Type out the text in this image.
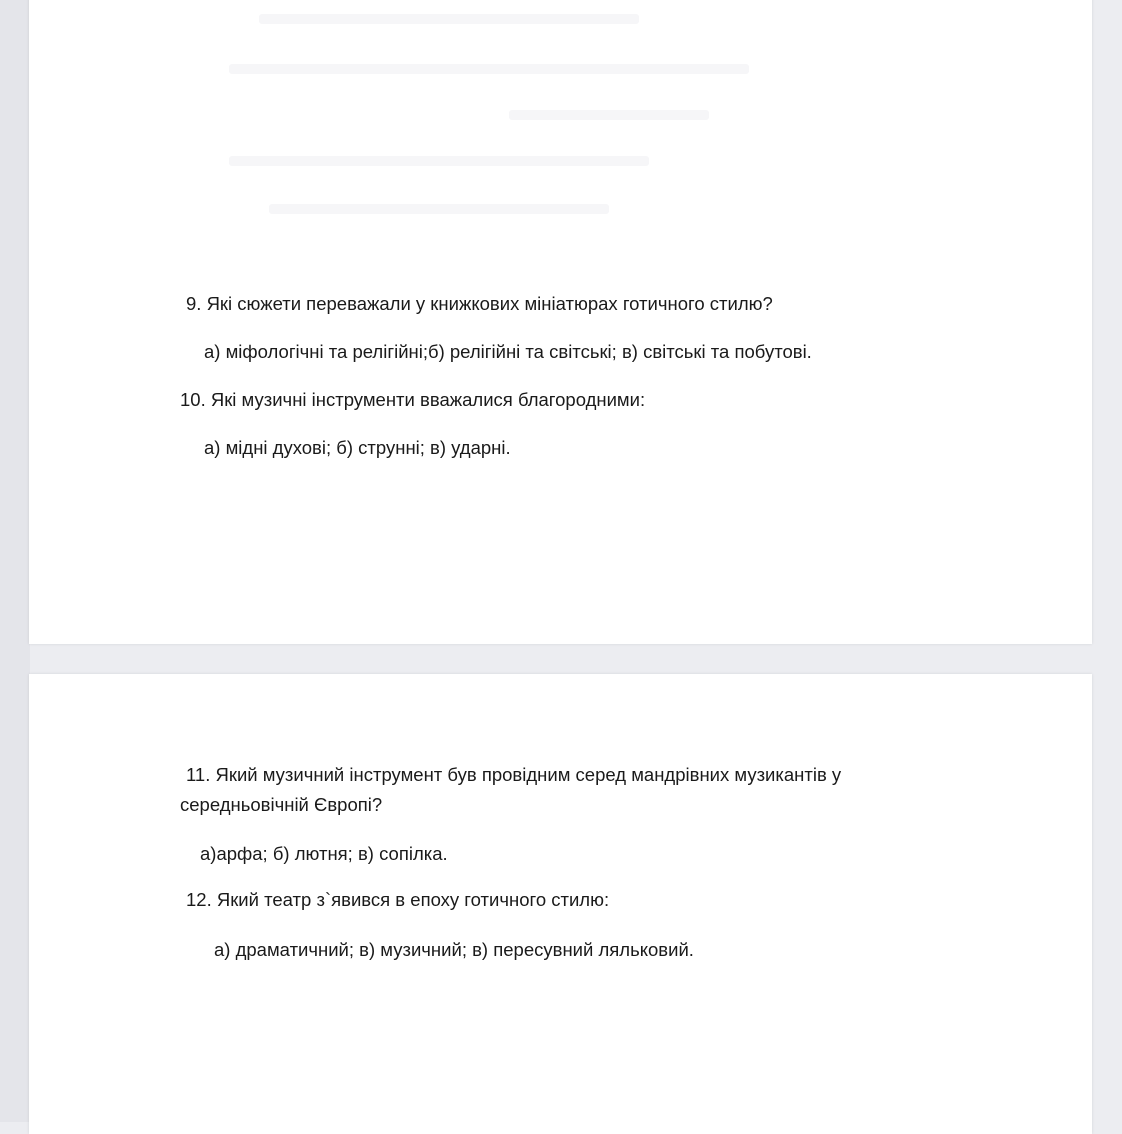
9. Які сюжети переважали у книжкових мініатюрах готичного стилю?

а) міфологічні та релігійні;б) релігійні та світські; в) світські та побутові.

10. Які музичні інструменти вважалися благородними:

а) мідні духові; б) струнні; в) ударні.

11. Який музичний інструмент був провідним серед мандрівних музикантів у середньовічній Європі?

а)арфа; б) лютня; в) сопілка.

12. Який театр з`явився в епоху готичного стилю:

а) драматичний; в) музичний; в) пересувний ляльковий.
